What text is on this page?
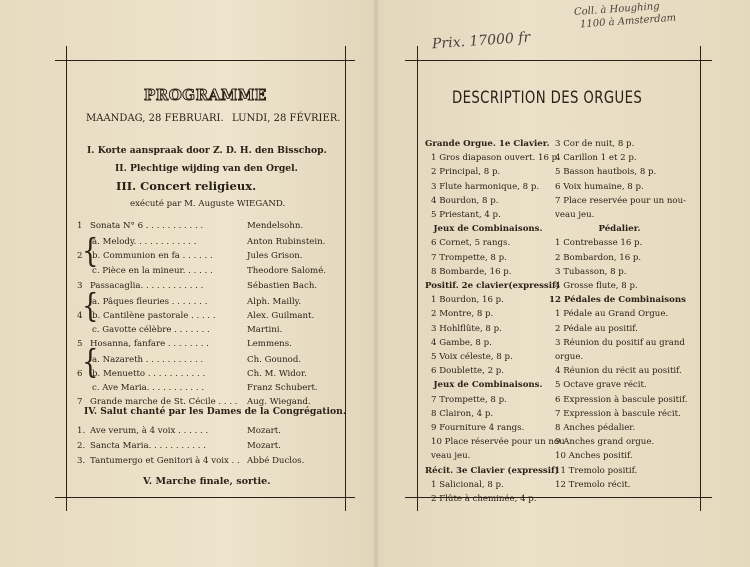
Coll. à Houghing
1100 à Amsterdam
Prix. 17000 fr
PROGRAMME
MAANDAG, 28 FEBRUARI. LUNDI, 28 FÉVRIER.
I. Korte aanspraak door Z. D. H. den Bisschop.
II. Plechtige wijding van den Orgel.
III. Concert religieux.
exécuté par M. Auguste WIEGAND.
1 Sonata N° 6 . . . . . . . . . . .	Mendelsohn.
a. Melody. . . . . . . . . . . .	Anton Rubinstein.
2 b. Communion en fa . . . . . .	Jules Grison.
c. Pièce en la mineur. . . . . .	Theodore Salomé.
3 Passacaglia. . . . . . . . . . . .	Sébastien Bach.
a. Pâques fleuries . . . . . . .	Alph. Mailly.
4 b. Cantilène pastorale . . . . .	Alex. Guilmant.
c. Gavotte célèbre . . . . . . .	Martini.
5 Hosanna, fanfare . . . . . . . .	Lemmens.
a. Nazareth . . . . . . . . . . .	Ch. Gounod.
6 b. Menuetto . . . . . . . . . . .	Ch. M. Widor.
c. Ave Maria. . . . . . . . . . .	Franz Schubert.
7 Grande marche de St. Cécile . . . . Aug. Wiegand.
{
{
{
IV. Salut chanté par les Dames de la Congrégation.
1. Ave verum, à 4 voix . . . . . .	Mozart.
2. Sancta Maria. . . . . . . . . . .	Mozart.
3. Tantumergo et Genitori à 4 voix . . Abbé Duclos.
V. Marche finale, sortie.
DESCRIPTION DES ORGUES
Grande Orgue. 1e Clavier.
1 Gros diapason ouvert. 16 p.
2 Principal, 8 p.
3 Flute harmonique, 8 p.
4 Bourdon, 8 p.
5 Priestant, 4 p.
Jeux de Combinaisons.
6 Cornet, 5 rangs.
7 Trompette, 8 p.
8 Bombarde, 16 p.
Positif. 2e clavier(expressif)
1 Bourdon, 16 p.
2 Montre, 8 p.
3 Hohlflûte, 8 p.
4 Gambe, 8 p.
5 Voix céleste, 8 p.
6 Doublette, 2 p.
Jeux de Combinaisons.
7 Trompette, 8 p.
8 Clairon, 4 p.
9 Fourniture 4 rangs.
10 Place réservée pour un nou-
veau jeu.
Récit. 3e Clavier (expressif)
1 Salicional, 8 p.
2 Flûte à cheminée, 4 p.
3 Cor de nuit, 8 p.
4 Carillon 1 et 2 p.
5 Basson hautbois, 8 p.
6 Voix humaine, 8 p.
7 Place reservée pour un nou-
veau jeu.
Pédalier.
1 Contrebasse 16 p.
2 Bombardon, 16 p.
3 Tubasson, 8 p.
4 Grosse flute, 8 p.
12 Pédales de Combinaisons
1 Pédale au Grand Orgue.
2 Pédale au positif.
3 Réunion du positif au grand
orgue.
4 Réunion du récit au positif.
5 Octave grave récit.
6 Expression à bascule positif.
7 Expression à bascule récit.
8 Anches pédalier.
9 Anches grand orgue.
10 Anches positif.
11 Tremolo positif.
12 Tremolo récit.
